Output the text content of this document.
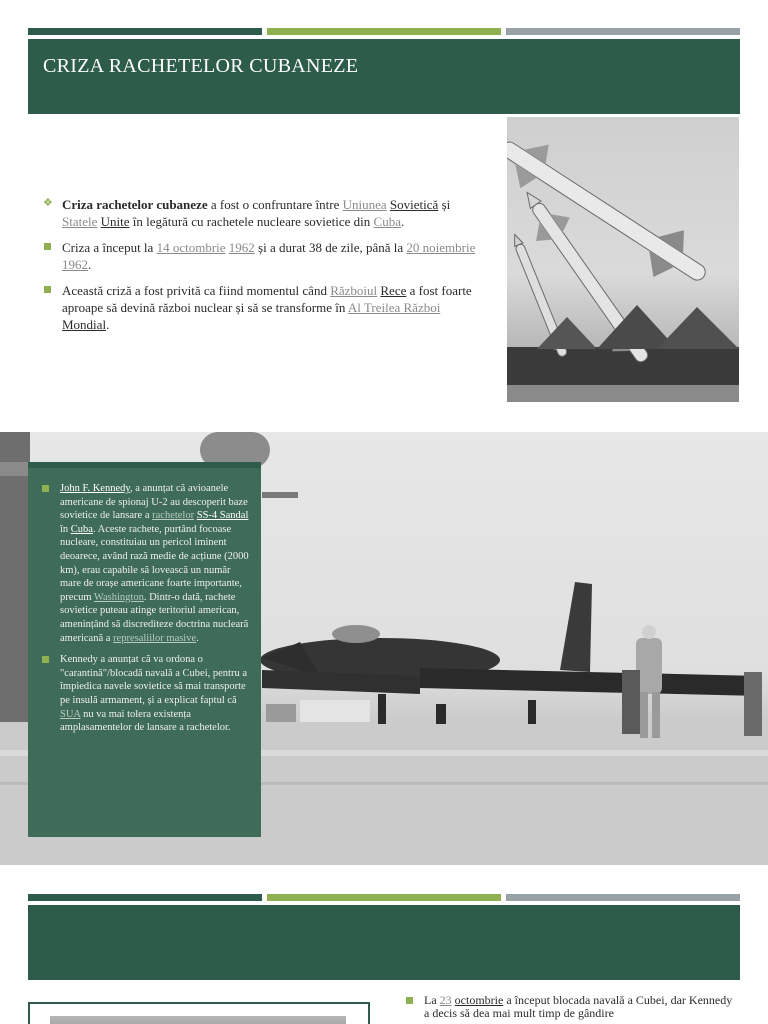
CRIZA RACHETELOR CUBANEZE
❖ Criza rachetelor cubaneze a fost o confruntare între Uniunea Sovietică și Statele Unite în legătură cu rachetele nucleare sovietice din Cuba.
Criza a început la 14 octombrie 1962 și a durat 38 de zile, până la 20 noiembrie 1962.
Această criză a fost privită ca fiind momentul când Războiul Rece a fost foarte aproape să devină război nuclear și să se transforme în Al Treilea Război Mondial.
John F. Kennedy, a anunțat că avioanele americane de spionaj U-2 au descoperit baze sovietice de lansare a rachetelor SS-4 Sandal în Cuba. Aceste rachete, purtând focoase nucleare, constituiau un pericol iminent deoarece, având rază medie de acțiune (2000 km), erau capabile să lovească un număr mare de orașe americane foarte importante, precum Washington. Dintr-o dată, rachete sovietice puteau atinge teritoriul american, amenințând să discrediteze doctrina nucleară americană a represaliilor masive.
Kennedy a anunțat că va ordona o "carantină"/blocadă navală a Cubei, pentru a împiedica navele sovietice să mai transporte pe insulă armament, și a explicat faptul că SUA nu va mai tolera existența amplasamentelor de lansare a rachetelor.
La 23 octombrie a început blocada navală a Cubei, dar Kennedy a decis să dea mai mult timp de gândire
